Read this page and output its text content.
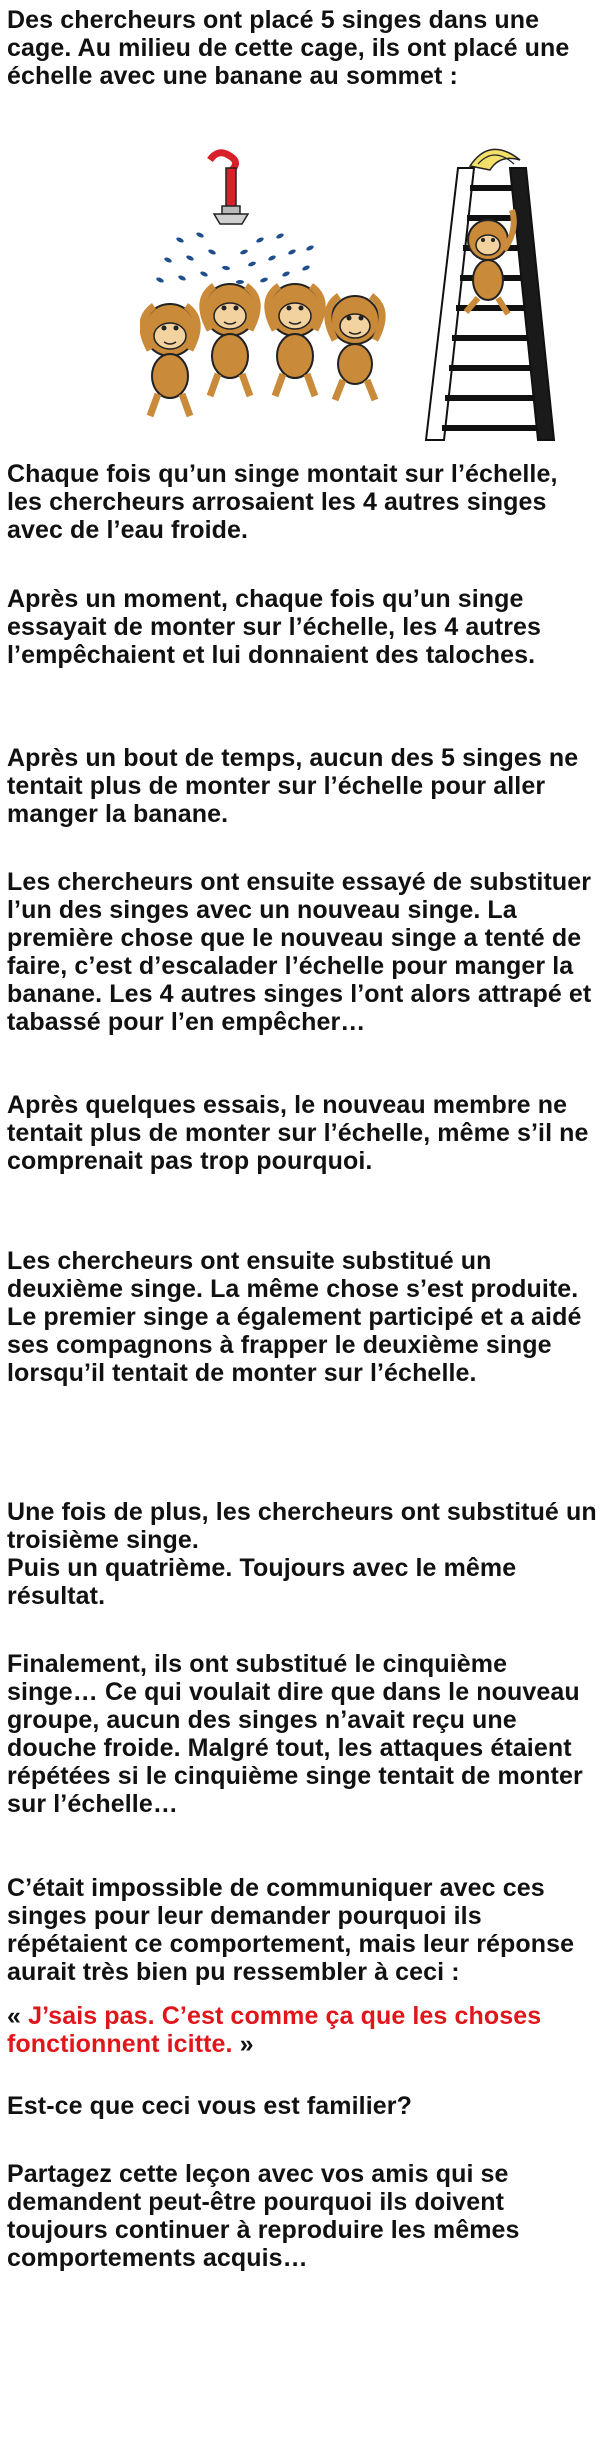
Des chercheurs ont placé 5 singes dans une cage. Au milieu de cette cage, ils ont placé une échelle avec une banane au sommet :

Chaque fois qu’un singe montait sur l’échelle, les chercheurs arrosaient les 4 autres singes avec de l’eau froide.

Après un moment, chaque fois qu’un singe essayait de monter sur l’échelle, les 4 autres l’empêchaient et lui donnaient des taloches.

Après un bout de temps, aucun des 5 singes ne tentait plus de monter sur l’échelle pour aller manger la banane.

Les chercheurs ont ensuite essayé de substituer l’un des singes avec un nouveau singe. La première chose que le nouveau singe a tenté de faire, c’est d’escalader l’échelle pour manger la banane. Les 4 autres singes l’ont alors attrapé et tabassé pour l’en empêcher…

Après quelques essais, le nouveau membre ne tentait plus de monter sur l’échelle, même s’il ne comprenait pas trop pourquoi.

Les chercheurs ont ensuite substitué un deuxième singe. La même chose s’est produite. Le premier singe a également participé et a aidé ses compagnons à frapper le deuxième singe lorsqu’il tentait de monter sur l’échelle.

Une fois de plus, les chercheurs ont substitué un troisième singe.
Puis un quatrième. Toujours avec le même résultat.

Finalement, ils ont substitué le cinquième singe… Ce qui voulait dire que dans le nouveau groupe, aucun des singes n’avait reçu une douche froide. Malgré tout, les attaques étaient répétées si le cinquième singe tentait de monter sur l’échelle…

C’était impossible de communiquer avec ces singes pour leur demander pourquoi ils répétaient ce comportement, mais leur réponse aurait très bien pu ressembler à ceci :

« J’sais pas. C’est comme ça que les choses fonctionnent icitte. »

Est-ce que ceci vous est familier?

Partagez cette leçon avec vos amis qui se demandent peut-être pourquoi ils doivent toujours continuer à reproduire les mêmes comportements acquis…
